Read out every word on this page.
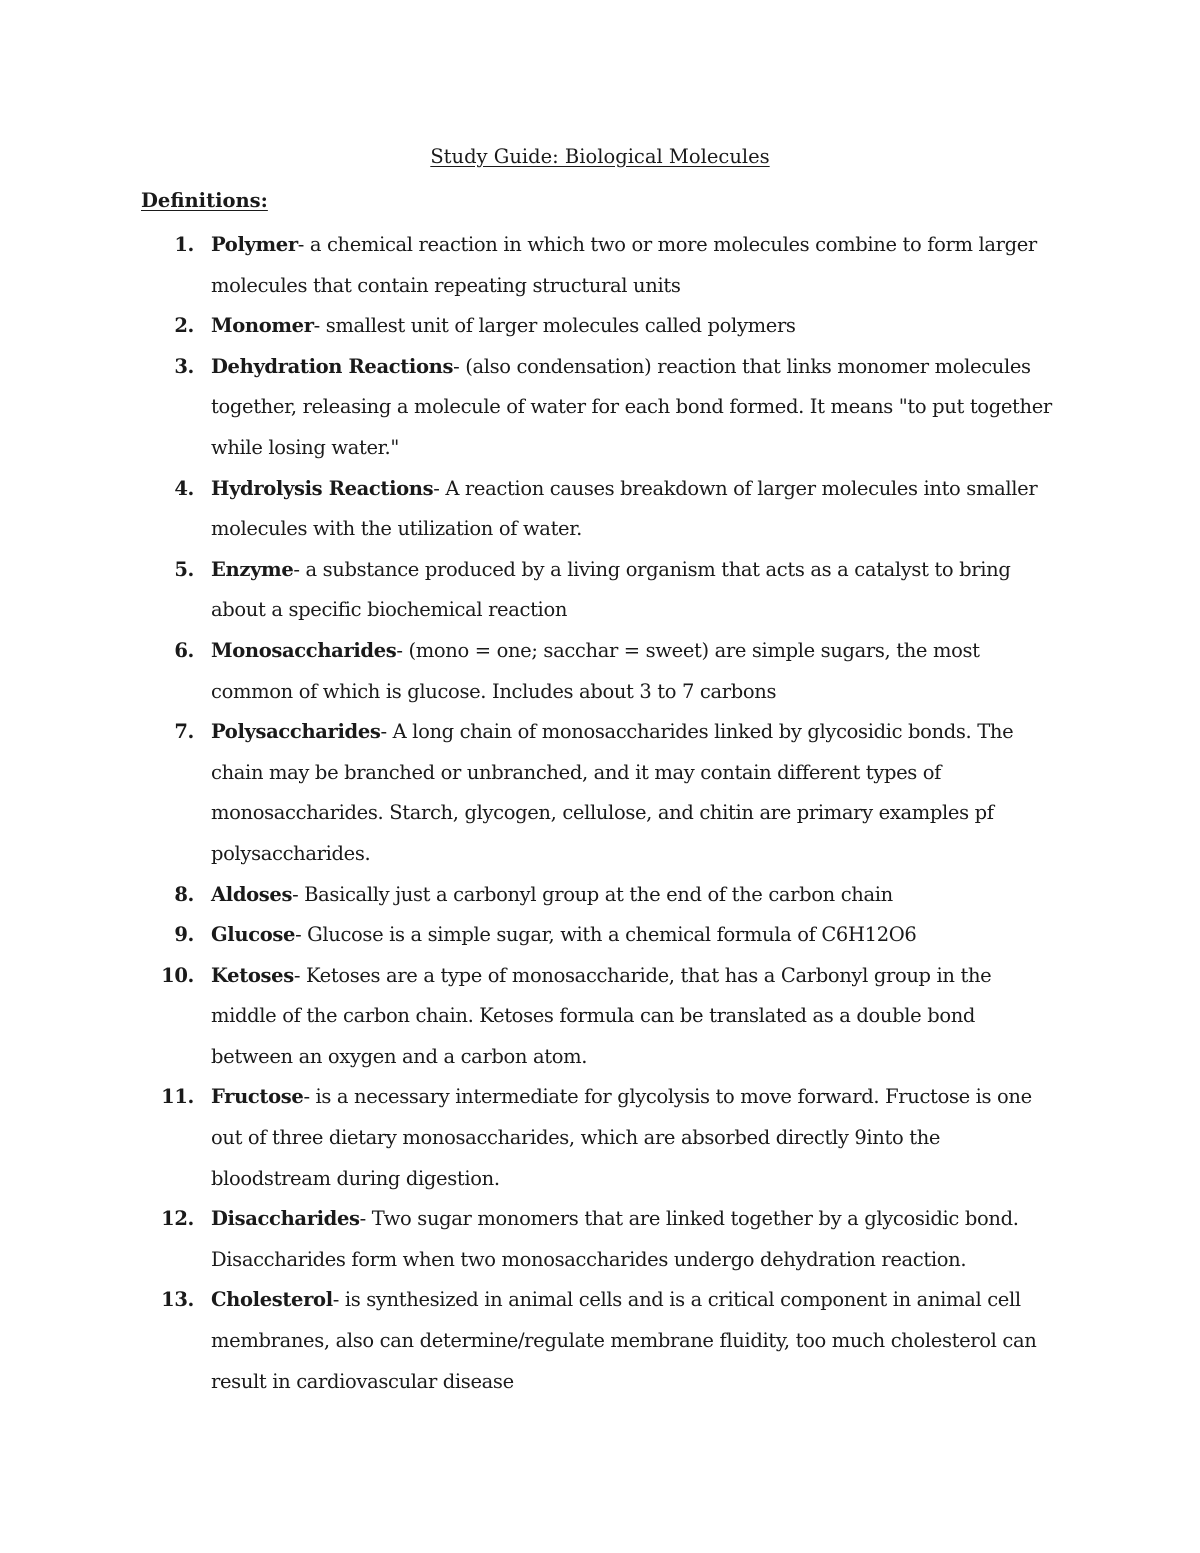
Study Guide: Biological Molecules
Definitions:
1. Polymer- a chemical reaction in which two or more molecules combine to form larger molecules that contain repeating structural units
2. Monomer- smallest unit of larger molecules called polymers
3. Dehydration Reactions- (also condensation) reaction that links monomer molecules together, releasing a molecule of water for each bond formed. It means "to put together while losing water."
4. Hydrolysis Reactions- A reaction causes breakdown of larger molecules into smaller molecules with the utilization of water.
5. Enzyme- a substance produced by a living organism that acts as a catalyst to bring about a specific biochemical reaction
6. Monosaccharides- (mono = one; sacchar = sweet) are simple sugars, the most common of which is glucose. Includes about 3 to 7 carbons
7. Polysaccharides- A long chain of monosaccharides linked by glycosidic bonds. The chain may be branched or unbranched, and it may contain different types of monosaccharides. Starch, glycogen, cellulose, and chitin are primary examples pf polysaccharides.
8. Aldoses- Basically just a carbonyl group at the end of the carbon chain
9. Glucose- Glucose is a simple sugar, with a chemical formula of C6H12O6
10. Ketoses- Ketoses are a type of monosaccharide, that has a Carbonyl group in the middle of the carbon chain. Ketoses formula can be translated as a double bond between an oxygen and a carbon atom.
11. Fructose- is a necessary intermediate for glycolysis to move forward. Fructose is one out of three dietary monosaccharides, which are absorbed directly 9into the bloodstream during digestion.
12. Disaccharides- Two sugar monomers that are linked together by a glycosidic bond. Disaccharides form when two monosaccharides undergo dehydration reaction.
13. Cholesterol- is synthesized in animal cells and is a critical component in animal cell membranes, also can determine/regulate membrane fluidity, too much cholesterol can result in cardiovascular disease
